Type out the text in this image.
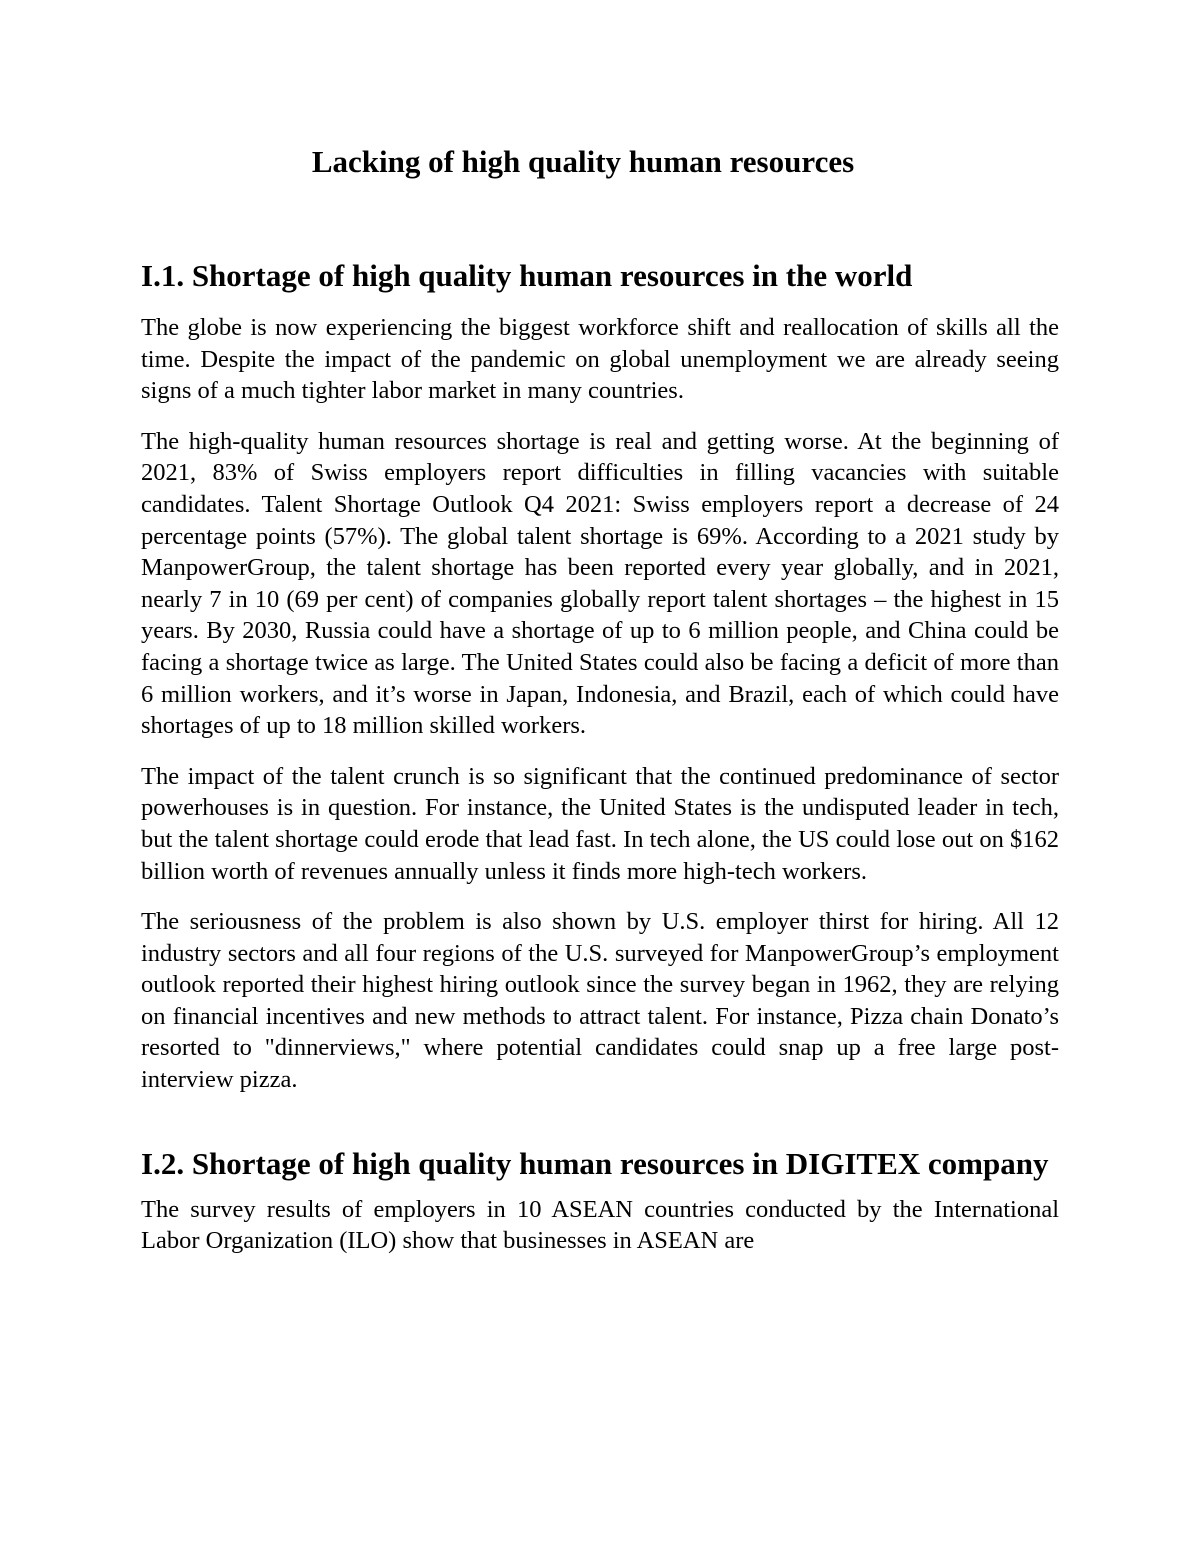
Lacking of high quality human resources
I.1. Shortage of high quality human resources in the world

The globe is now experiencing the biggest workforce shift and reallocation of skills all the time. Despite the impact of the pandemic on global unemployment we are already seeing signs of a much tighter labor market in many countries.

The high-quality human resources shortage is real and getting worse. At the beginning of 2021, 83% of Swiss employers report difficulties in filling vacancies with suitable candidates. Talent Shortage Outlook Q4 2021: Swiss employers report a decrease of 24 percentage points (57%). The global talent shortage is 69%. According to a 2021 study by ManpowerGroup, the talent shortage has been reported every year globally, and in 2021, nearly 7 in 10 (69 per cent) of companies globally report talent shortages – the highest in 15 years. By 2030, Russia could have a shortage of up to 6 million people, and China could be facing a shortage twice as large. The United States could also be facing a deficit of more than 6 million workers, and it’s worse in Japan, Indonesia, and Brazil, each of which could have shortages of up to 18 million skilled workers.

The impact of the talent crunch is so significant that the continued predominance of sector powerhouses is in question. For instance, the United States is the undisputed leader in tech, but the talent shortage could erode that lead fast. In tech alone, the US could lose out on $162 billion worth of revenues annually unless it finds more high-tech workers.

The seriousness of the problem is also shown by U.S. employer thirst for hiring. All 12 industry sectors and all four regions of the U.S. surveyed for ManpowerGroup’s employment outlook reported their highest hiring outlook since the survey began in 1962, they are relying on financial incentives and new methods to attract talent. For instance, Pizza chain Donato’s resorted to "dinnerviews," where potential candidates could snap up a free large post-interview pizza.

I.2. Shortage of high quality human resources in DIGITEX company

The survey results of employers in 10 ASEAN countries conducted by the International Labor Organization (ILO) show that businesses in ASEAN are
